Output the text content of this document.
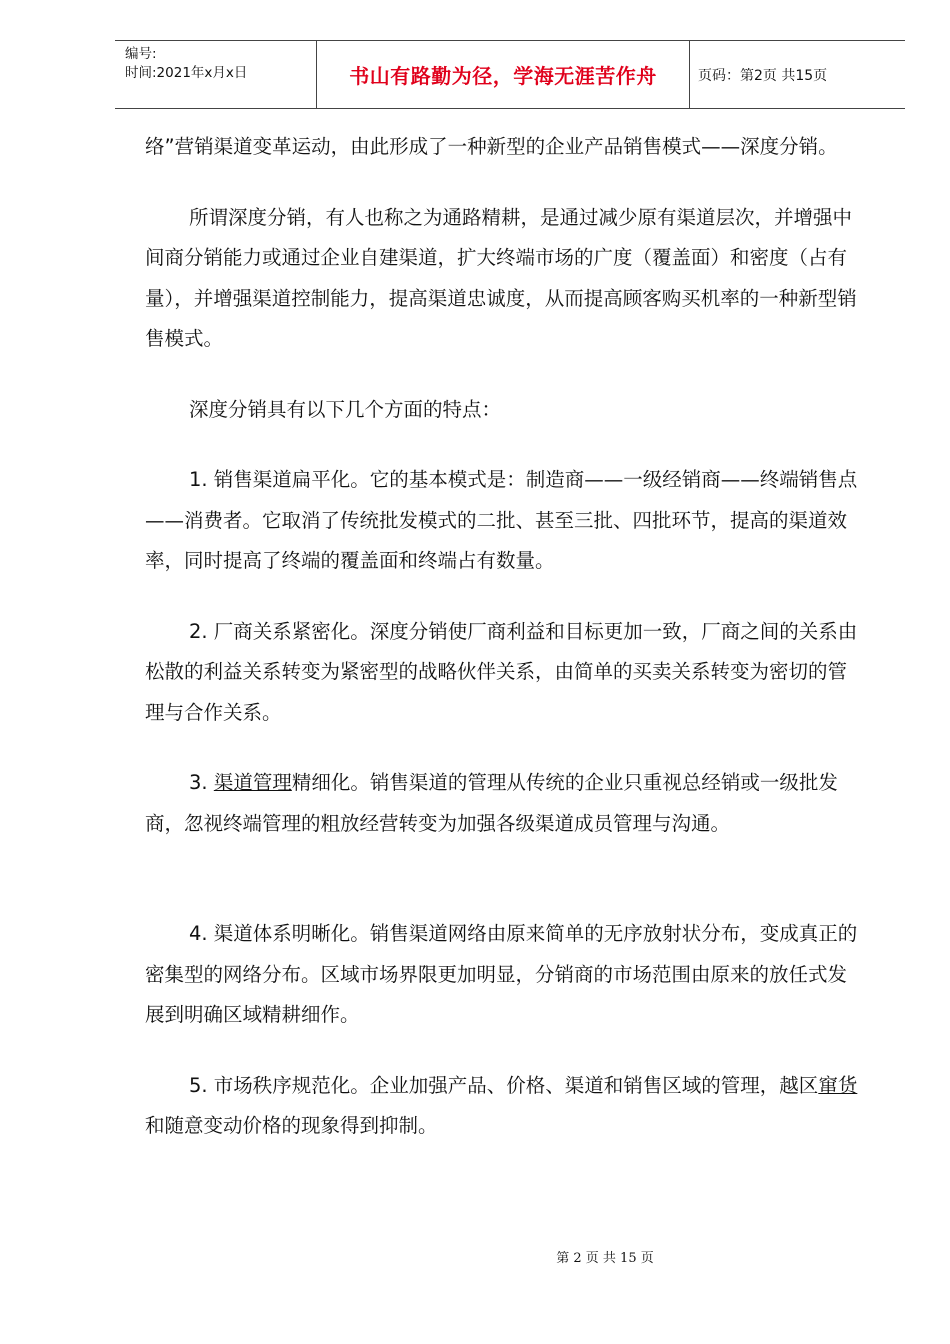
编号:
时间:2021年x月x日	书山有路勤为径，学海无涯苦作舟	页码：第2页 共15页

络”营销渠道变革运动，由此形成了一种新型的企业产品销售模式——深度分销。

所谓深度分销，有人也称之为通路精耕，是通过减少原有渠道层次，并增强中间商分销能力或通过企业自建渠道，扩大终端市场的广度（覆盖面）和密度（占有量），并增强渠道控制能力，提高渠道忠诚度，从而提高顾客购买机率的一种新型销售模式。

深度分销具有以下几个方面的特点：

1. 销售渠道扁平化。它的基本模式是：制造商——一级经销商——终端销售点——消费者。它取消了传统批发模式的二批、甚至三批、四批环节，提高的渠道效率，同时提高了终端的覆盖面和终端占有数量。

2. 厂商关系紧密化。深度分销使厂商利益和目标更加一致，厂商之间的关系由松散的利益关系转变为紧密型的战略伙伴关系，由简单的买卖关系转变为密切的管理与合作关系。

3. 渠道管理精细化。销售渠道的管理从传统的企业只重视总经销或一级批发商，忽视终端管理的粗放经营转变为加强各级渠道成员管理与沟通。

4. 渠道体系明晰化。销售渠道网络由原来简单的无序放射状分布，变成真正的密集型的网络分布。区域市场界限更加明显，分销商的市场范围由原来的放任式发展到明确区域精耕细作。

5. 市场秩序规范化。企业加强产品、价格、渠道和销售区域的管理，越区窜货和随意变动价格的现象得到抑制。

第 2 页 共 15 页
